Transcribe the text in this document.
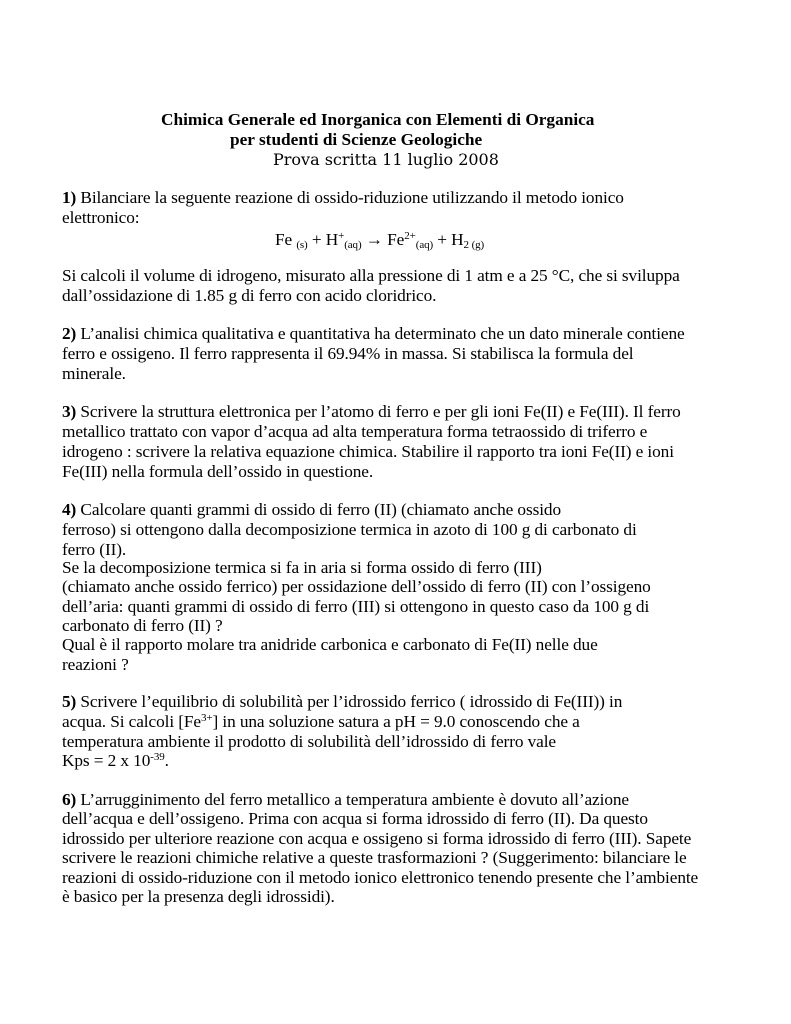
Chimica Generale ed Inorganica con Elementi di Organica
per studenti di Scienze Geologiche
Prova scritta 11 luglio 2008
1) Bilanciare la seguente reazione di ossido-riduzione utilizzando il metodo ionico
elettronico:
Fe $_{(s)} + H^+_{(aq)} \to Fe^{2+}_{(aq)} + H_{2 (g)}$
Si calcoli il volume di idrogeno, misurato alla pressione di 1 atm e a 25 °C, che si sviluppa
dall’ossidazione di 1.85 g di ferro con acido cloridrico.
2) L’analisi chimica qualitativa e quantitativa ha determinato che un dato minerale contiene
ferro e ossigeno. Il ferro rappresenta il 69.94% in massa. Si stabilisca la formula del
minerale.
3) Scrivere la struttura elettronica per l’atomo di ferro e per gli ioni Fe(II) e Fe(III). Il ferro
metallico trattato con vapor d’acqua ad alta temperatura forma tetraossido di triferro e
idrogeno : scrivere la relativa equazione chimica. Stabilire il rapporto tra ioni Fe(II) e ioni
Fe(III) nella formula dell’ossido in questione.
4) Calcolare quanti grammi di ossido di ferro (II) (chiamato anche ossido
ferroso) si ottengono dalla decomposizione termica in azoto di 100 g di carbonato di
ferro (II).
Se la decomposizione termica si fa in aria si forma ossido di ferro (III)
(chiamato anche ossido ferrico) per ossidazione dell’ossido di ferro (II) con l’ossigeno
dell’aria: quanti grammi di ossido di ferro (III) si ottengono in questo caso da 100 g di
carbonato di ferro (II) ?
Qual è il rapporto molare tra anidride carbonica e carbonato di Fe(II) nelle due
reazioni ?
5) Scrivere l’equilibrio di solubilità per l’idrossido ferrico ( idrossido di Fe(III)) in
acqua. Si calcoli $[Fe^{3+}]$ in una soluzione satura a pH = 9.0 conoscendo che a
temperatura ambiente il prodotto di solubilità dell’idrossido di ferro vale
Kps = 2 x $10^{-39}$.
6) L’arrugginimento del ferro metallico a temperatura ambiente è dovuto all’azione
dell’acqua e dell’ossigeno. Prima con acqua si forma idrossido di ferro (II). Da questo
idrossido per ulteriore reazione con acqua e ossigeno si forma idrossido di ferro (III). Sapete
scrivere le reazioni chimiche relative a queste trasformazioni ? (Suggerimento: bilanciare le
reazioni di ossido-riduzione con il metodo ionico elettronico tenendo presente che l’ambiente
è basico per la presenza degli idrossidi).
